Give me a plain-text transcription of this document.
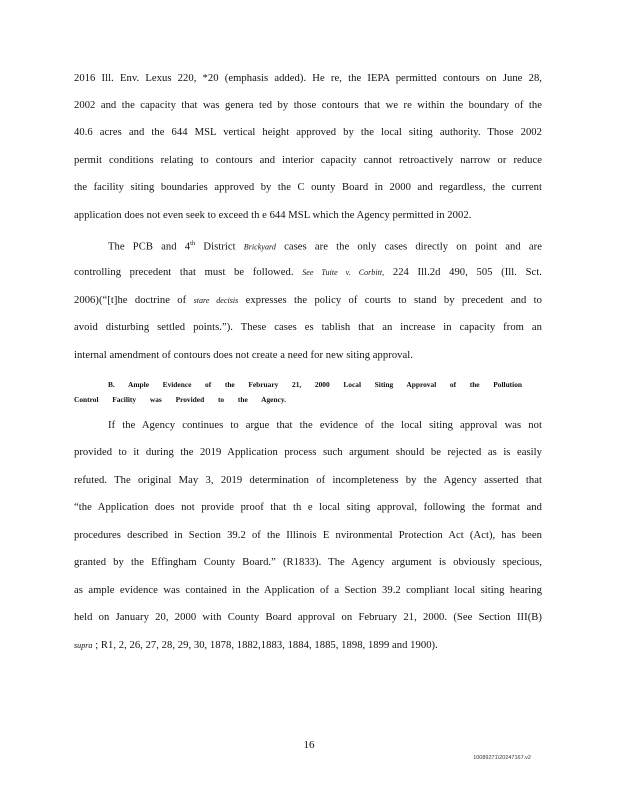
2016 Ill. Env. Lexus 220, *20 (emphasis added). He re, the IEPA permitted contours on June 28,
2002 and the capacity that was genera ted by those contours that we re within the boundary of the
40.6 acres and the 644 MSL vertical height approved by the local siting authority. Those 2002
permit conditions relating to contours and interior capacity cannot retroactively narrow or reduce
the facility siting boundaries approved by the C ounty Board in 2000 and regardless, the current
application does not even seek to exceed th e 644 MSL which the Agency permitted in 2002.
The PCB and 4th District Brickyard cases are the only cases directly on point and are
controlling precedent that must be followed. See Tuite v. Corbitt, 224 Ill.2d 490, 505 (Ill. Sct.
2006)(“[t]he doctrine of stare decisis expresses the policy of courts to stand by precedent and to
avoid disturbing settled points.”). These cases es tablish that an increase in capacity from an
internal amendment of contours does not create a need for new siting approval.
B. Ample Evidence of the February 21, 2000 Local Siting Approval of the Pollution
Control Facility was Provided to the Agency.
If the Agency continues to argue that the evidence of the local siting approval was not
provided to it during the 2019 Application process such argument should be rejected as is easily
refuted. The original May 3, 2019 determination of incompleteness by the Agency asserted that
“the Application does not provide proof that th e local siting approval, following the format and
procedures described in Section 39.2 of the Illinois E nvironmental Protection Act (Act), has been
granted by the Effingham County Board.” (R1833). The Agency argument is obviously specious,
as ample evidence was contained in the Application of a Section 39.2 compliant local siting hearing
held on January 20, 2000 with County Board approval on February 21, 2000. (See Section III(B)
supra ; R1, 2, 26, 27, 28, 29, 30, 1878, 1882,1883, 1884, 1885, 1898, 1899 and 1900).
16
10089271\20247167.v2
